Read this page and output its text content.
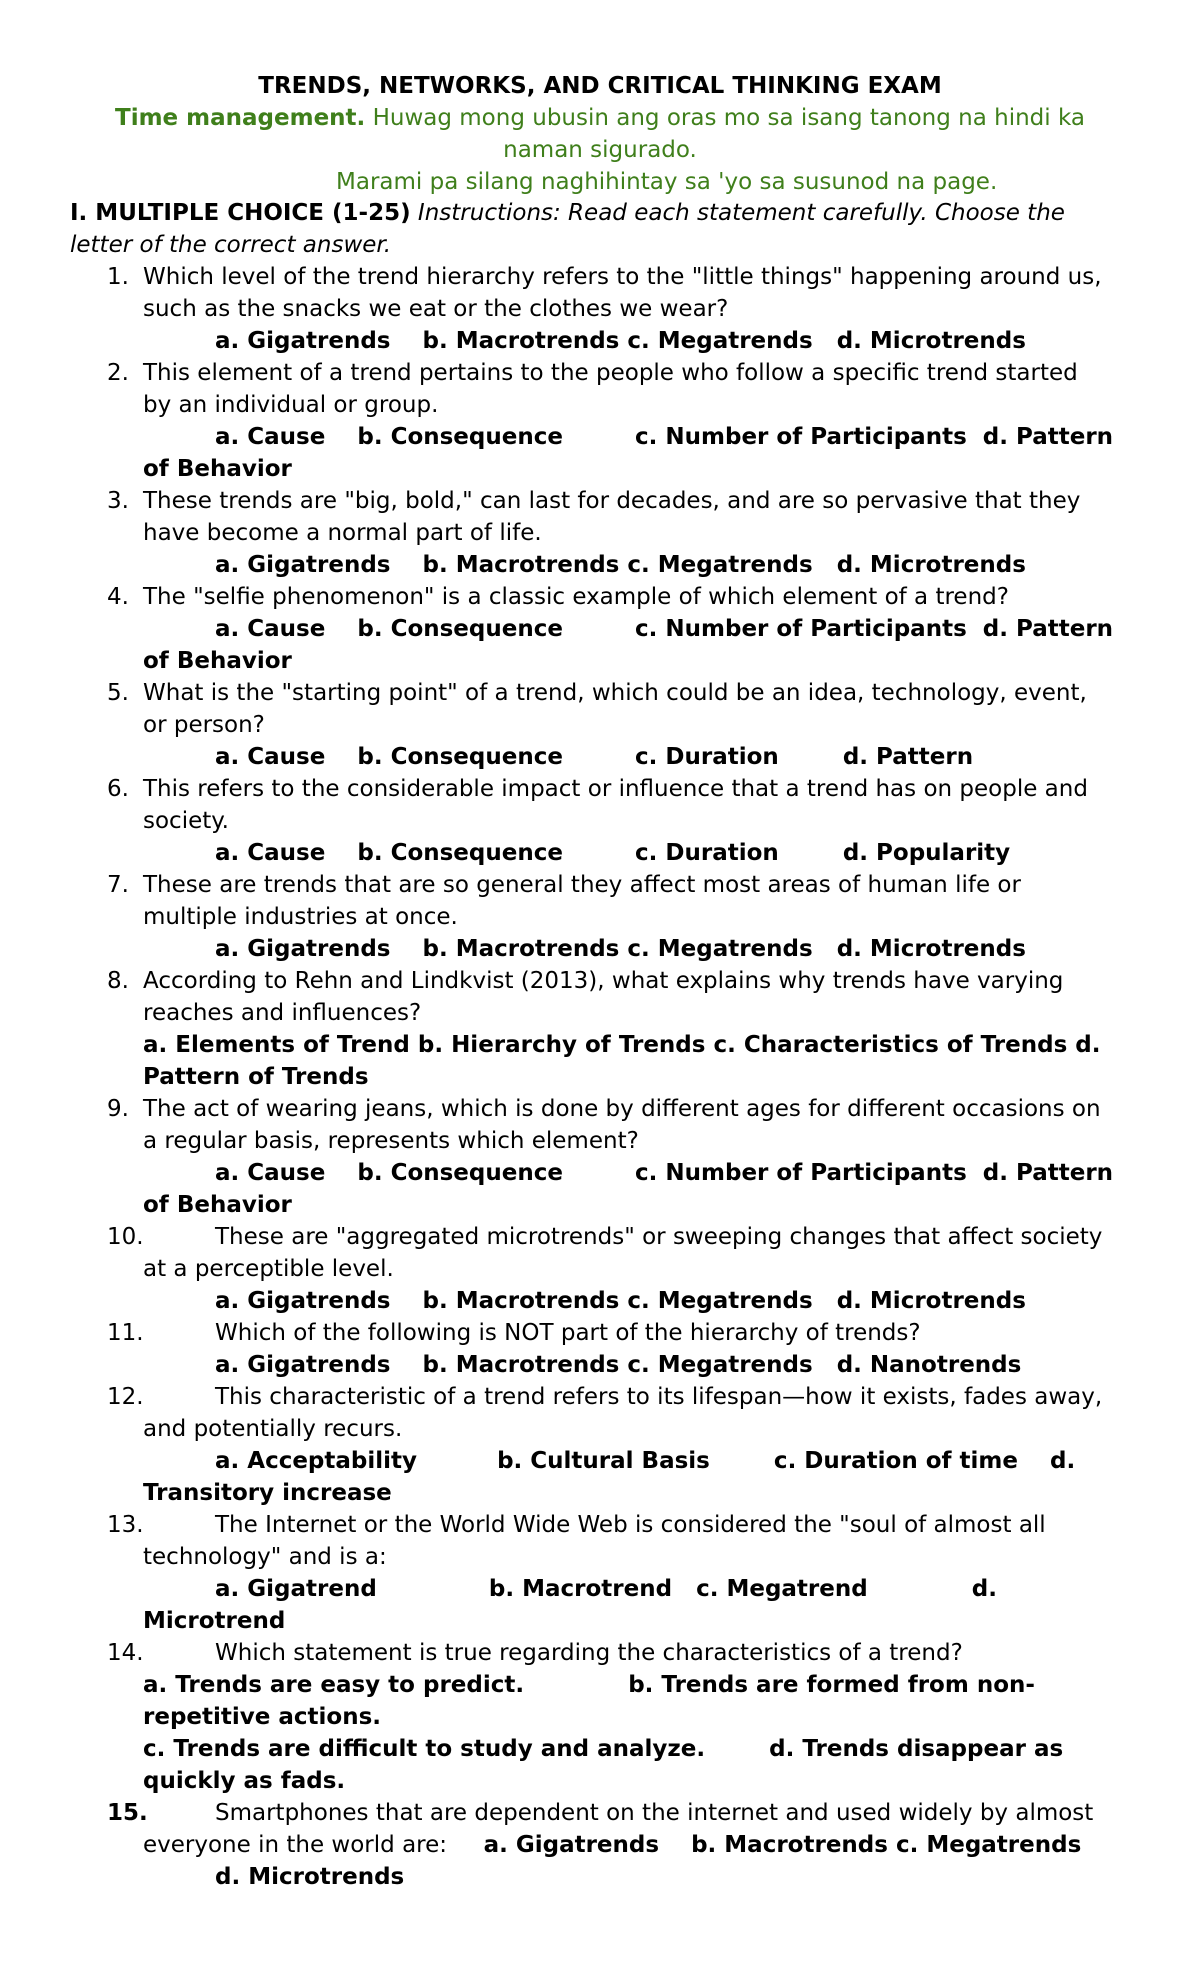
TRENDS, NETWORKS, AND CRITICAL THINKING EXAM
Time management. Huwag mong ubusin ang oras mo sa isang tanong na hindi ka
naman sigurado.
Marami pa silang naghihintay sa 'yo sa susunod na page.
I. MULTIPLE CHOICE (1-25) Instructions: Read each statement carefully. Choose the
letter of the correct answer.
1. Which level of the trend hierarchy refers to the "little things" happening around us,
such as the snacks we eat or the clothes we wear?
a. Gigatrends    b. Macrotrends c. Megatrends   d. Microtrends
2. This element of a trend pertains to the people who follow a specific trend started
by an individual or group.
a. Cause    b. Consequence         c. Number of Participants  d. Pattern
of Behavior
3. These trends are "big, bold," can last for decades, and are so pervasive that they
have become a normal part of life.
a. Gigatrends    b. Macrotrends c. Megatrends   d. Microtrends
4. The "selfie phenomenon" is a classic example of which element of a trend?
a. Cause    b. Consequence         c. Number of Participants  d. Pattern
of Behavior
5. What is the "starting point" of a trend, which could be an idea, technology, event,
or person?
a. Cause    b. Consequence         c. Duration        d. Pattern
6. This refers to the considerable impact or influence that a trend has on people and
society.
a. Cause    b. Consequence         c. Duration        d. Popularity
7. These are trends that are so general they affect most areas of human life or
multiple industries at once.
a. Gigatrends    b. Macrotrends c. Megatrends   d. Microtrends
8. According to Rehn and Lindkvist (2013), what explains why trends have varying
reaches and influences?
a. Elements of Trend b. Hierarchy of Trends c. Characteristics of Trends d.
Pattern of Trends
9. The act of wearing jeans, which is done by different ages for different occasions on
a regular basis, represents which element?
a. Cause    b. Consequence         c. Number of Participants  d. Pattern
of Behavior
10.	These are "aggregated microtrends" or sweeping changes that affect society
at a perceptible level.
a. Gigatrends    b. Macrotrends c. Megatrends   d. Microtrends
11.	Which of the following is NOT part of the hierarchy of trends?
a. Gigatrends    b. Macrotrends c. Megatrends   d. Nanotrends
12.	This characteristic of a trend refers to its lifespan—how it exists, fades away,
and potentially recurs.
a. Acceptability          b. Cultural Basis        c. Duration of time    d.
Transitory increase
13.	The Internet or the World Wide Web is considered the "soul of almost all
technology" and is a:
a. Gigatrend              b. Macrotrend   c. Megatrend             d.
Microtrend
14.	Which statement is true regarding the characteristics of a trend?
a. Trends are easy to predict.             b. Trends are formed from non-
repetitive actions.
c. Trends are difficult to study and analyze.        d. Trends disappear as
quickly as fads.
15.	Smartphones that are dependent on the internet and used widely by almost
everyone in the world are:     a. Gigatrends    b. Macrotrends c. Megatrends
d. Microtrends
